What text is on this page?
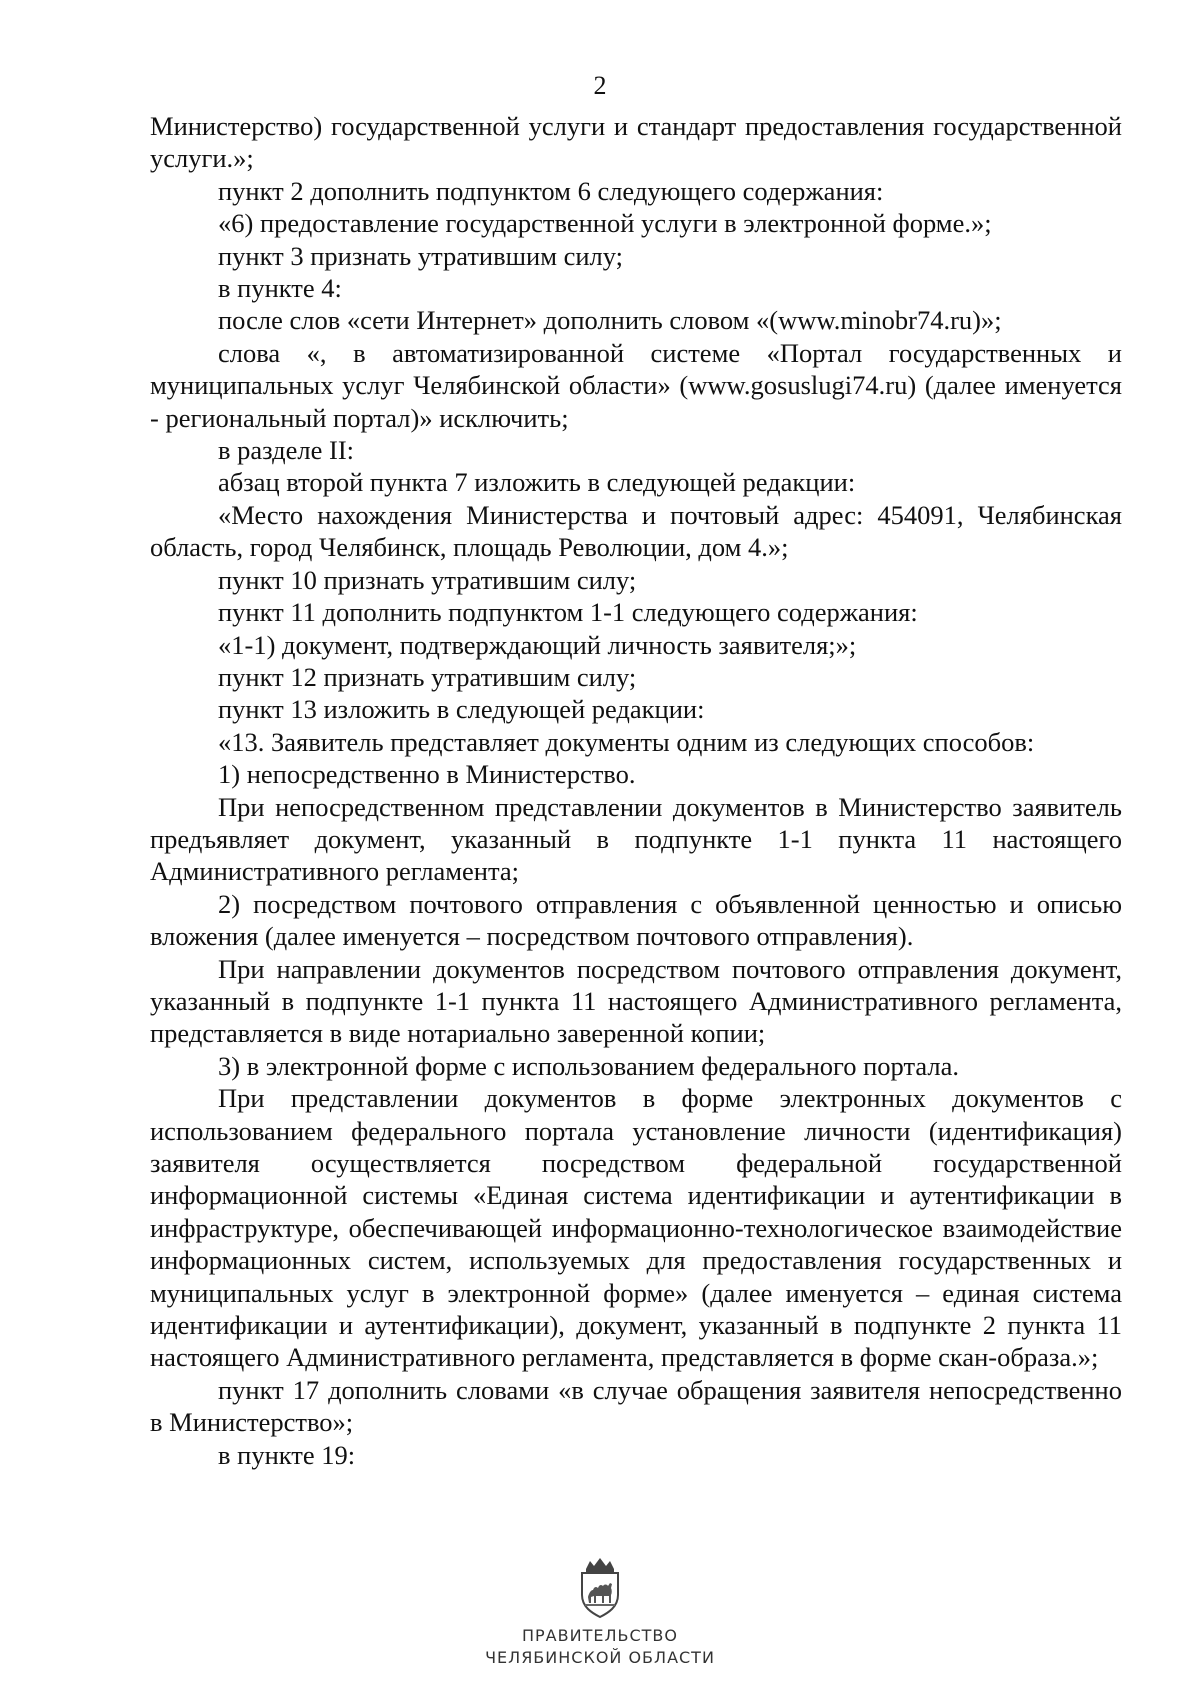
2

Министерство) государственной услуги и стандарт предоставления государственной услуги.»;

пункт 2 дополнить подпунктом 6 следующего содержания:

«6) предоставление государственной услуги в электронной форме.»;

пункт 3 признать утратившим силу;

в пункте 4:

после слов «сети Интернет» дополнить словом «(www.minobr74.ru)»;

слова «, в автоматизированной системе «Портал государственных и муниципальных услуг Челябинской области» (www.gosuslugi74.ru) (далее именуется - региональный портал)» исключить;

в разделе II:

абзац второй пункта 7 изложить в следующей редакции:

«Место нахождения Министерства и почтовый адрес: 454091, Челябинская область, город Челябинск, площадь Революции, дом 4.»;

пункт 10 признать утратившим силу;

пункт 11 дополнить подпунктом 1-1 следующего содержания:

«1-1) документ, подтверждающий личность заявителя;»;

пункт 12 признать утратившим силу;

пункт 13 изложить в следующей редакции:

«13. Заявитель представляет документы одним из следующих способов:

1) непосредственно в Министерство.

При непосредственном представлении документов в Министерство заявитель предъявляет документ, указанный в подпункте 1-1 пункта 11 настоящего Административного регламента;

2) посредством почтового отправления с объявленной ценностью и описью вложения (далее именуется – посредством почтового отправления).

При направлении документов посредством почтового отправления документ, указанный в подпункте 1-1 пункта 11 настоящего Административного регламента, представляется в виде нотариально заверенной копии;

3) в электронной форме с использованием федерального портала.

При представлении документов в форме электронных документов с использованием федерального портала установление личности (идентификация) заявителя осуществляется посредством федеральной государственной информационной системы «Единая система идентификации и аутентификации в инфраструктуре, обеспечивающей информационно-технологическое взаимодействие информационных систем, используемых для предоставления государственных и муниципальных услуг в электронной форме» (далее именуется – единая система идентификации и аутентификации), документ, указанный в подпункте 2 пункта 11 настоящего Административного регламента, представляется в форме скан-образа.»;

пункт 17 дополнить словами «в случае обращения заявителя непосредственно в Министерство»;

в пункте 19:

ПРАВИТЕЛЬСТВО
ЧЕЛЯБИНСКОЙ ОБЛАСТИ
